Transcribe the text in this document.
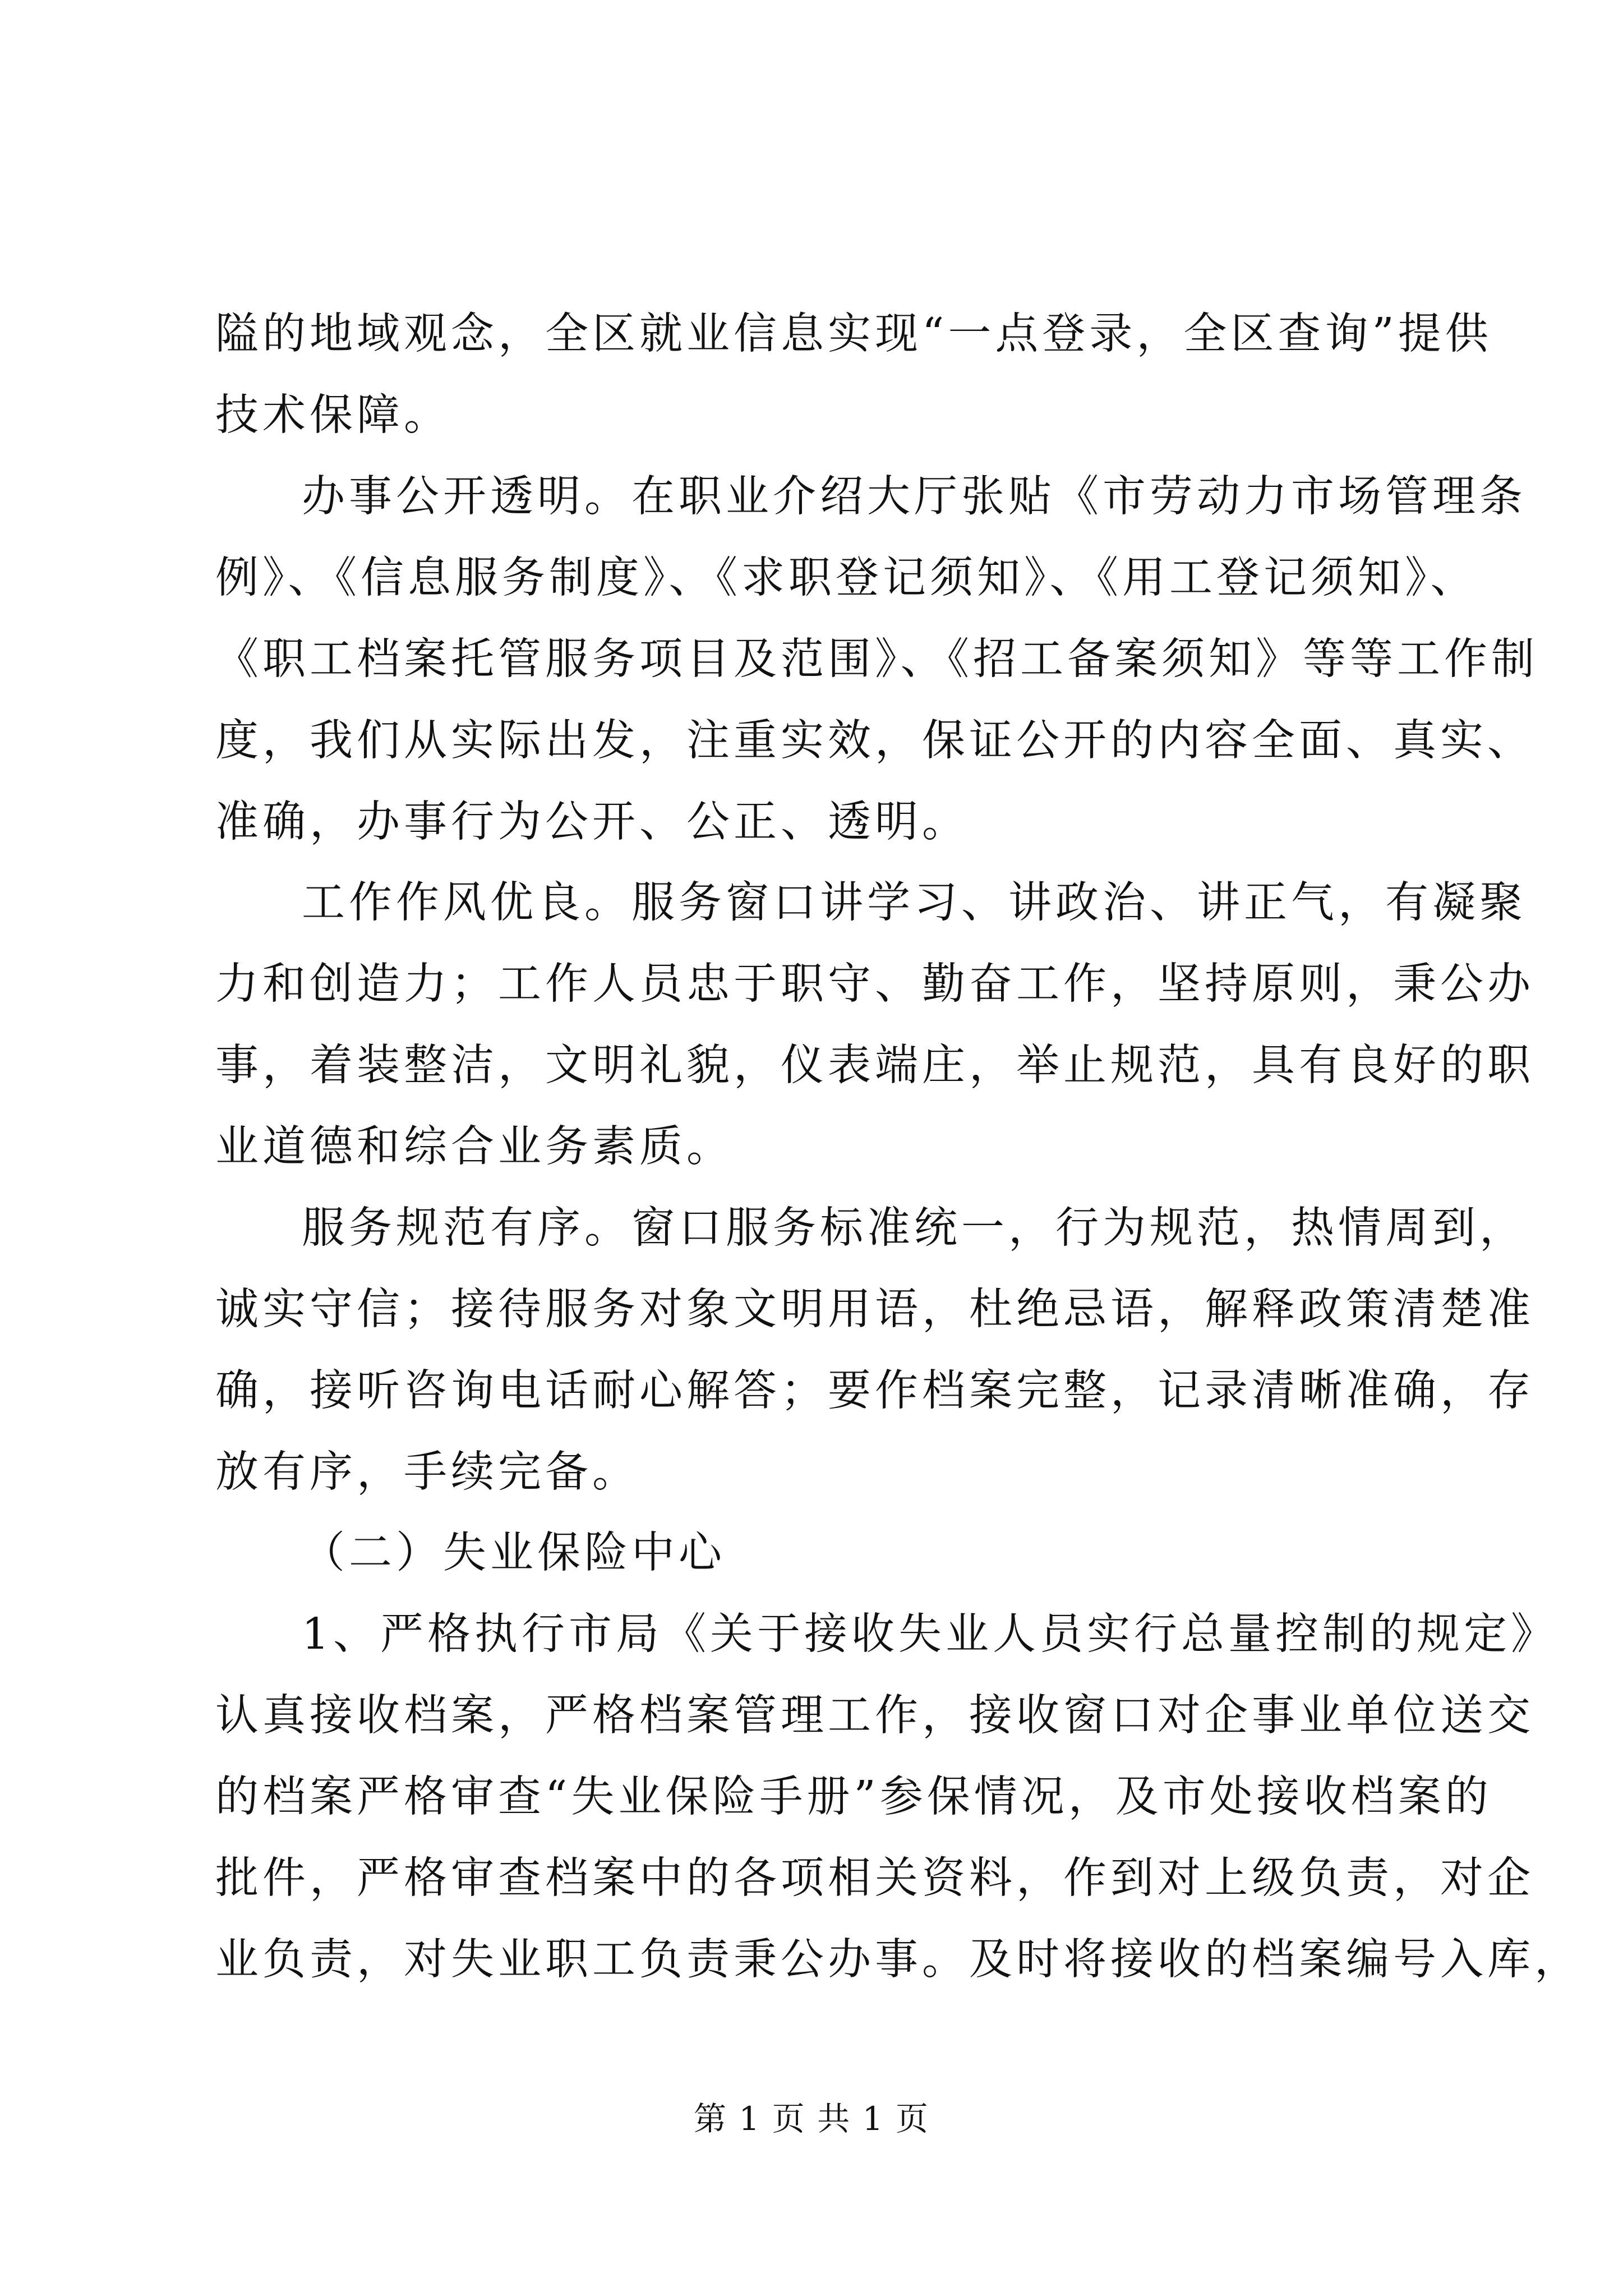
隘的地域观念，全区就业信息实现“一点登录，全区查询”提供

技术保障。

办事公开透明。在职业介绍大厅张贴《市劳动力市场管理条

例》、《信息服务制度》、《求职登记须知》、《用工登记须知》、

《职工档案托管服务项目及范围》、《招工备案须知》等等工作制

度，我们从实际出发，注重实效，保证公开的内容全面、真实、

准确，办事行为公开、公正、透明。

工作作风优良。服务窗口讲学习、讲政治、讲正气，有凝聚

力和创造力；工作人员忠于职守、勤奋工作，坚持原则，秉公办

事，着装整洁，文明礼貌，仪表端庄，举止规范，具有良好的职

业道德和综合业务素质。

服务规范有序。窗口服务标准统一，行为规范，热情周到，

诚实守信；接待服务对象文明用语，杜绝忌语，解释政策清楚准

确，接听咨询电话耐心解答；要作档案完整，记录清晰准确，存

放有序，手续完备。

（二）失业保险中心

1、严格执行市局《关于接收失业人员实行总量控制的规定》

认真接收档案，严格档案管理工作，接收窗口对企事业单位送交

的档案严格审查“失业保险手册”参保情况，及市处接收档案的

批件，严格审查档案中的各项相关资料，作到对上级负责，对企

业负责，对失业职工负责秉公办事。及时将接收的档案编号入库，

第 1 页 共 1 页
